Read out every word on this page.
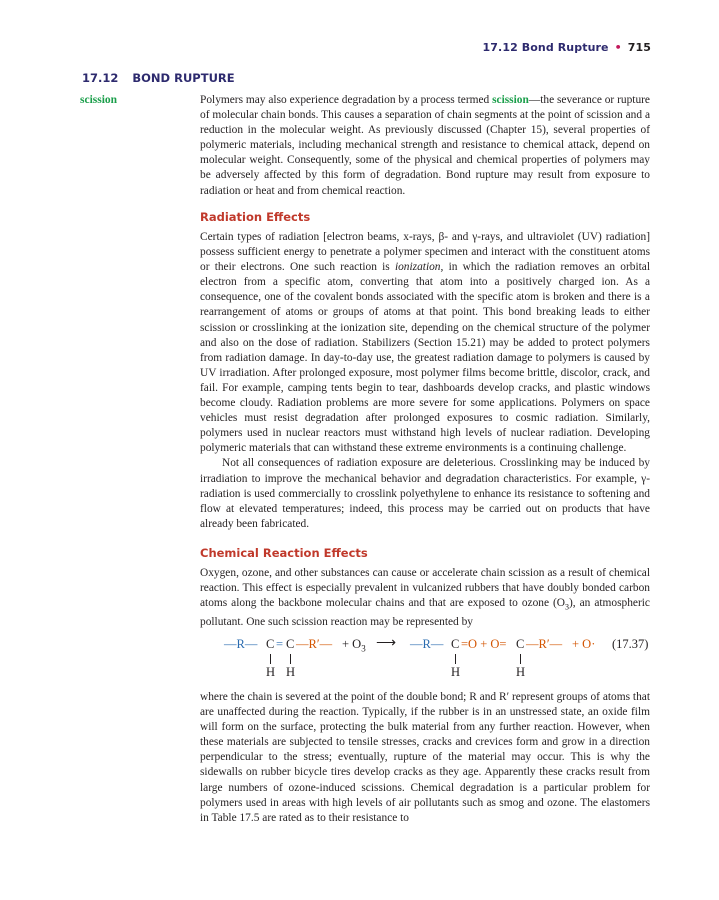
17.12 Bond Rupture • 715
17.12 BOND RUPTURE
scission	Polymers may also experience degradation by a process termed scission—the severance or rupture of molecular chain bonds. This causes a separation of chain segments at the point of scission and a reduction in the molecular weight. As previously discussed (Chapter 15), several properties of polymeric materials, including mechanical strength and resistance to chemical attack, depend on molecular weight. Consequently, some of the physical and chemical properties of polymers may be adversely affected by this form of degradation. Bond rupture may result from exposure to radiation or heat and from chemical reaction.

Radiation Effects

Certain types of radiation [electron beams, x-rays, β- and γ-rays, and ultraviolet (UV) radiation] possess sufficient energy to penetrate a polymer specimen and interact with the constituent atoms or their electrons. One such reaction is ionization, in which the radiation removes an orbital electron from a specific atom, converting that atom into a positively charged ion. As a consequence, one of the covalent bonds associated with the specific atom is broken and there is a rearrangement of atoms or groups of atoms at that point. This bond breaking leads to either scission or crosslinking at the ionization site, depending on the chemical structure of the polymer and also on the dose of radiation. Stabilizers (Section 15.21) may be added to protect polymers from radiation damage. In day-to-day use, the greatest radiation damage to polymers is caused by UV irradiation. After prolonged exposure, most polymer films become brittle, discolor, crack, and fail. For example, camping tents begin to tear, dashboards develop cracks, and plastic windows become cloudy. Radiation problems are more severe for some applications. Polymers on space vehicles must resist degradation after prolonged exposures to cosmic radiation. Similarly, polymers used in nuclear reactors must withstand high levels of nuclear radiation. Developing polymeric materials that can withstand these extreme environments is a continuing challenge.

Not all consequences of radiation exposure are deleterious. Crosslinking may be induced by irradiation to improve the mechanical behavior and degradation characteristics. For example, γ-radiation is used commercially to crosslink polyethylene to enhance its resistance to softening and flow at elevated temperatures; indeed, this process may be carried out on products that have already been fabricated.

Chemical Reaction Effects

Oxygen, ozone, and other substances can cause or accelerate chain scission as a result of chemical reaction. This effect is especially prevalent in vulcanized rubbers that have doubly bonded carbon atoms along the backbone molecular chains and that are exposed to ozone $(O_3)$, an atmospheric pollutant. One such scission reaction may be represented by

—R— C = C —R′— + $O_3$ ⟶ —R— C =O + O= C —R′— + O· (17.37)
H H	H	H

where the chain is severed at the point of the double bond; R and R′ represent groups of atoms that are unaffected during the reaction. Typically, if the rubber is in an unstressed state, an oxide film will form on the surface, protecting the bulk material from any further reaction. However, when these materials are subjected to tensile stresses, cracks and crevices form and grow in a direction perpendicular to the stress; eventually, rupture of the material may occur. This is why the sidewalls on rubber bicycle tires develop cracks as they age. Apparently these cracks result from large numbers of ozone-induced scissions. Chemical degradation is a particular problem for polymers used in areas with high levels of air pollutants such as smog and ozone. The elastomers in Table 17.5 are rated as to their resistance to
